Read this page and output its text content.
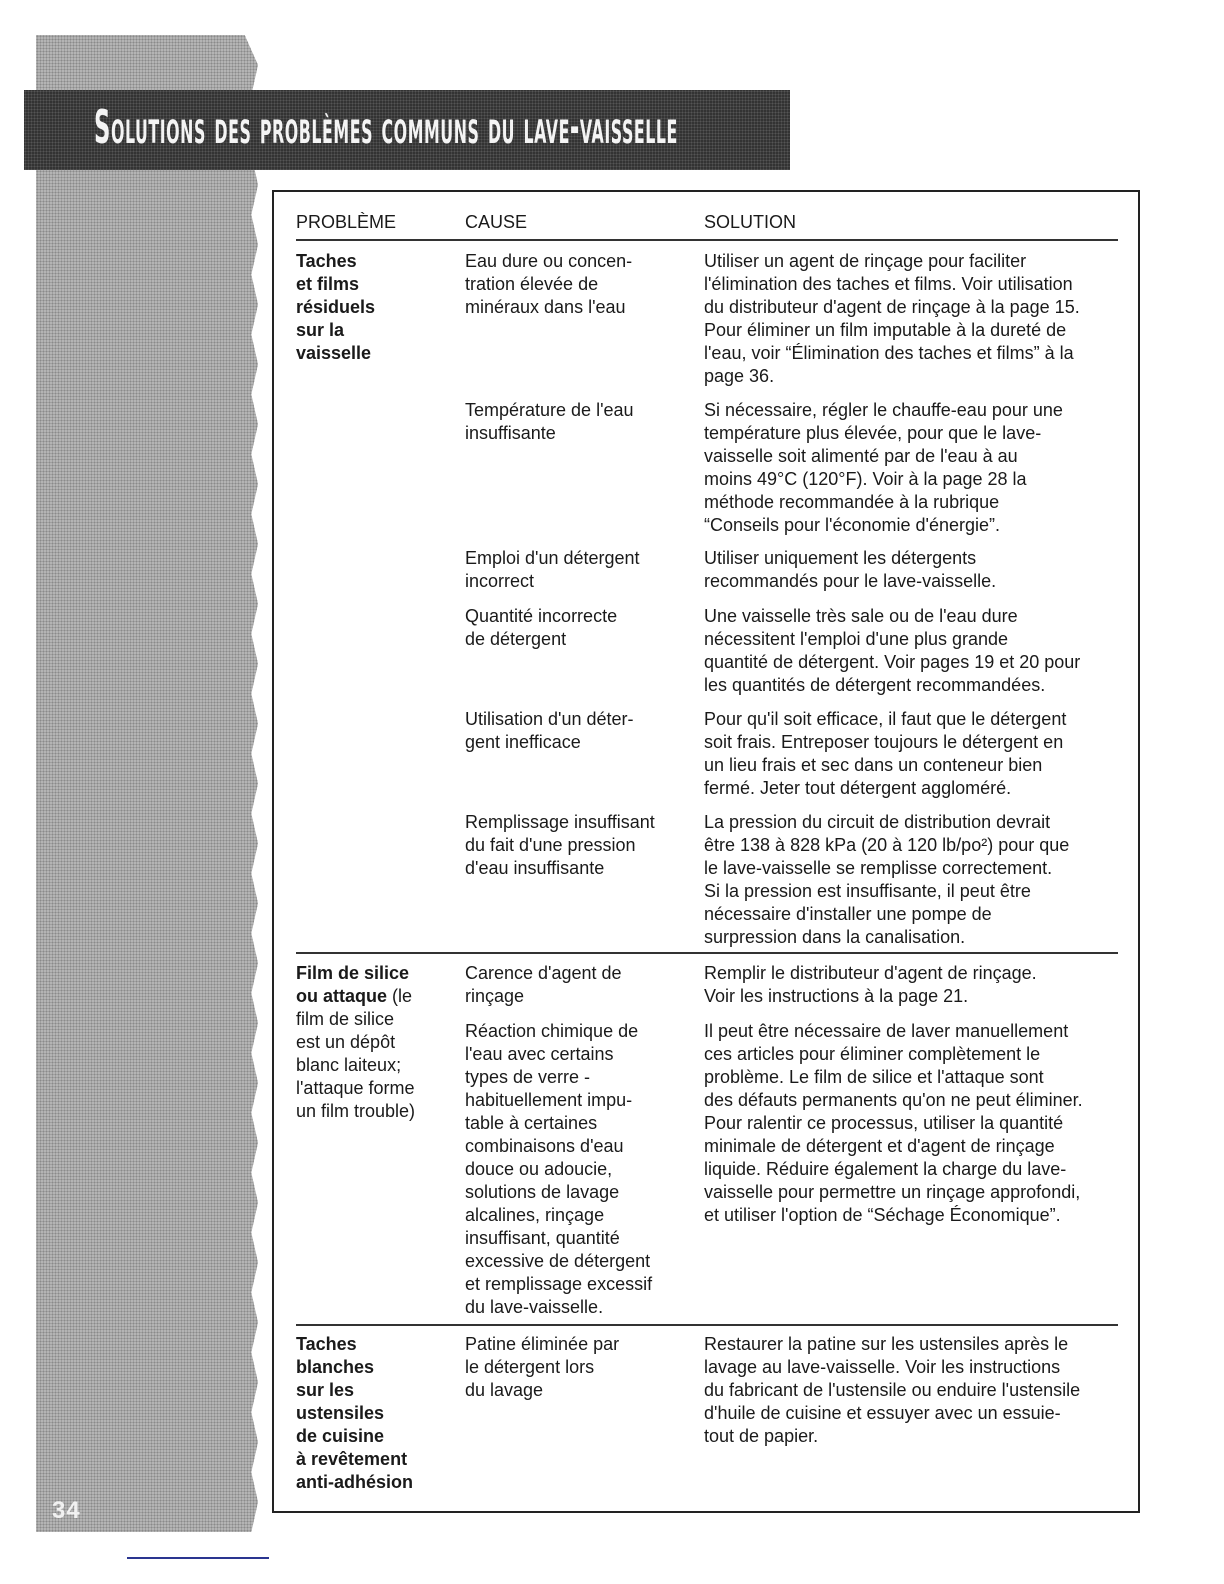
34
Solutions des problèmes communs du lave-vaisselle
PROBLÈME	CAUSE	SOLUTION
Taches
et films
résiduels
sur la
vaisselle
Eau dure ou concen-
tration élevée de
minéraux dans l'eau
Utiliser un agent de rinçage pour faciliter
l'élimination des taches et films. Voir utilisation
du distributeur d'agent de rinçage à la page 15.
Pour éliminer un film imputable à la dureté de
l'eau, voir “Élimination des taches et films” à la
page 36.
Température de l'eau
insuffisante
Si nécessaire, régler le chauffe-eau pour une
température plus élevée, pour que le lave-
vaisselle soit alimenté par de l'eau à au
moins 49°C (120°F). Voir à la page 28 la
méthode recommandée à la rubrique
“Conseils pour l'économie d'énergie”.
Emploi d'un détergent
incorrect
Utiliser uniquement les détergents
recommandés pour le lave-vaisselle.
Quantité incorrecte
de détergent
Une vaisselle très sale ou de l'eau dure
nécessitent l'emploi d'une plus grande
quantité de détergent. Voir pages 19 et 20 pour
les quantités de détergent recommandées.
Utilisation d'un déter-
gent inefficace
Pour qu'il soit efficace, il faut que le détergent
soit frais. Entreposer toujours le détergent en
un lieu frais et sec dans un conteneur bien
fermé. Jeter tout détergent aggloméré.
Remplissage insuffisant
du fait d'une pression
d'eau insuffisante
La pression du circuit de distribution devrait
être 138 à 828 kPa (20 à 120 lb/po²) pour que
le lave-vaisselle se remplisse correctement.
Si la pression est insuffisante, il peut être
nécessaire d'installer une pompe de
surpression dans la canalisation.
Film de silice
ou attaque (le
film de silice
est un dépôt
blanc laiteux;
l'attaque forme
un film trouble)
Carence d'agent de
rinçage
Remplir le distributeur d'agent de rinçage.
Voir les instructions à la page 21.
Réaction chimique de
l'eau avec certains
types de verre -
habituellement impu-
table à certaines
combinaisons d'eau
douce ou adoucie,
solutions de lavage
alcalines, rinçage
insuffisant, quantité
excessive de détergent
et remplissage excessif
du lave-vaisselle.
Il peut être nécessaire de laver manuellement
ces articles pour éliminer complètement le
problème. Le film de silice et l'attaque sont
des défauts permanents qu'on ne peut éliminer.
Pour ralentir ce processus, utiliser la quantité
minimale de détergent et d'agent de rinçage
liquide. Réduire également la charge du lave-
vaisselle pour permettre un rinçage approfondi,
et utiliser l'option de “Séchage Économique”.
Taches
blanches
sur les
ustensiles
de cuisine
à revêtement
anti-adhésion
Patine éliminée par
le détergent lors
du lavage
Restaurer la patine sur les ustensiles après le
lavage au lave-vaisselle. Voir les instructions
du fabricant de l'ustensile ou enduire l'ustensile
d'huile de cuisine et essuyer avec un essuie-
tout de papier.
